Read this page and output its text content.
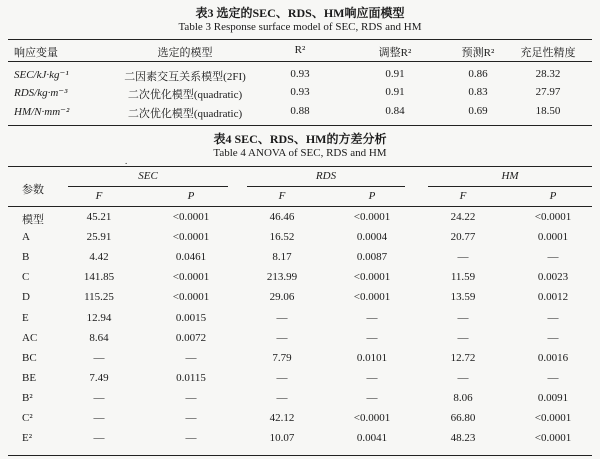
表3 选定的SEC、RDS、HM响应面模型
Table 3 Response surface model of SEC, RDS and HM
响应变量	选定的模型	R²	调整R²	预测R²	充足性精度
SEC/kJ·kg⁻¹	二因素交互关系模型(2FI)	0.93	0.91	0.86	28.32
RDS/kg·m⁻³	二次优化模型(quadratic)	0.93	0.91	0.83	27.97
HM/N·mm⁻²	二次优化模型(quadratic)	0.88	0.84	0.69	18.50
表4 SEC、RDS、HM的方差分析
Table 4 ANOVA of SEC, RDS and HM
.
参数
SEC	RDS	HM
F	P	F	P	F	P
模型	45.21	<0.0001	46.46	<0.0001	24.22	<0.0001
A	25.91	<0.0001	16.52	0.0004	20.77	0.0001
B	4.42	0.0461	8.17	0.0087	—	—
C	141.85	<0.0001	213.99	<0.0001	11.59	0.0023
D	115.25	<0.0001	29.06	<0.0001	13.59	0.0012
E	12.94	0.0015	—	—	—	—
AC	8.64	0.0072	—	—	—	—
BC	—	—	7.79	0.0101	12.72	0.0016
BE	7.49	0.0115	—	—	—	—
B²	—	—	—	—	8.06	0.0091
C²	—	—	42.12	<0.0001	66.80	<0.0001
E²	—	—	10.07	0.0041	48.23	<0.0001
